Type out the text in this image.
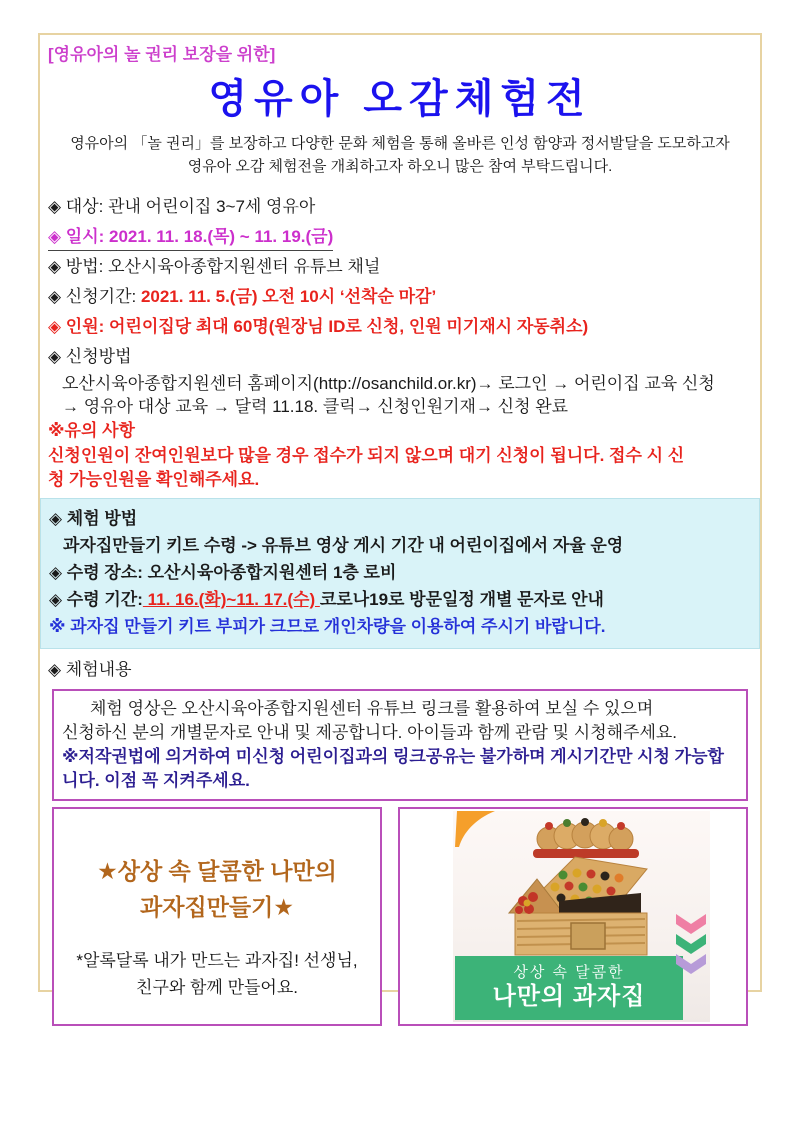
[영유아의 놀 권리 보장을 위한]
영유아 오감체험전
영유아의 「놀 권리」를 보장하고 다양한 문화 체험을 통해 올바른 인성 함양과 정서발달을 도모하고자
영유아 오감 체험전을 개최하고자 하오니 많은 참여 부탁드립니다.
◈ 대상: 관내 어린이집 3~7세 영유아
◈ 일시: 2021. 11. 18.(목) ~ 11. 19.(금)
◈ 방법: 오산시육아종합지원센터 유튜브 채널
◈ 신청기간: 2021. 11. 5.(금) 오전 10시 ‘선착순 마감’
◈ 인원: 어린이집당 최대 60명(원장님 ID로 신청, 인원 미기재시 자동취소)
◈ 신청방법
오산시육아종합지원센터 홈페이지(http://osanchild.or.kr)→ 로그인 → 어린이집 교육 신청
→ 영유아 대상 교육 → 달력 11.18. 클릭→ 신청인원기재→ 신청 완료
※유의 사항
신청인원이 잔여인원보다 많을 경우 접수가 되지 않으며 대기 신청이 됩니다. 접수 시 신
청 가능인원을 확인해주세요.
◈ 체험 방법
과자집만들기 키트 수령 -> 유튜브 영상 게시 기간 내 어린이집에서 자율 운영
◈ 수령 장소: 오산시육아종합지원센터 1층 로비
◈ 수령 기간: 11. 16.(화)~11. 17.(수) 코로나19로 방문일정 개별 문자로 안내
※ 과자집 만들기 키트 부피가 크므로 개인차량을 이용하여 주시기 바랍니다.
◈ 체험내용
체험 영상은 오산시육아종합지원센터 유튜브 링크를 활용하여 보실 수 있으며
신청하신 분의 개별문자로 안내 및 제공합니다. 아이들과 함께 관람 및 시청해주세요.
※저작권법에 의거하여 미신청 어린이집과의 링크공유는 불가하며 게시기간만 시청 가능합
니다. 이점 꼭 지켜주세요.
★상상 속 달콤한 나만의
과자집만들기★
*알록달록 내가 만드는 과자집! 선생님,
친구와 함께 만들어요.
상상 속 달콤한
나만의 과자집
